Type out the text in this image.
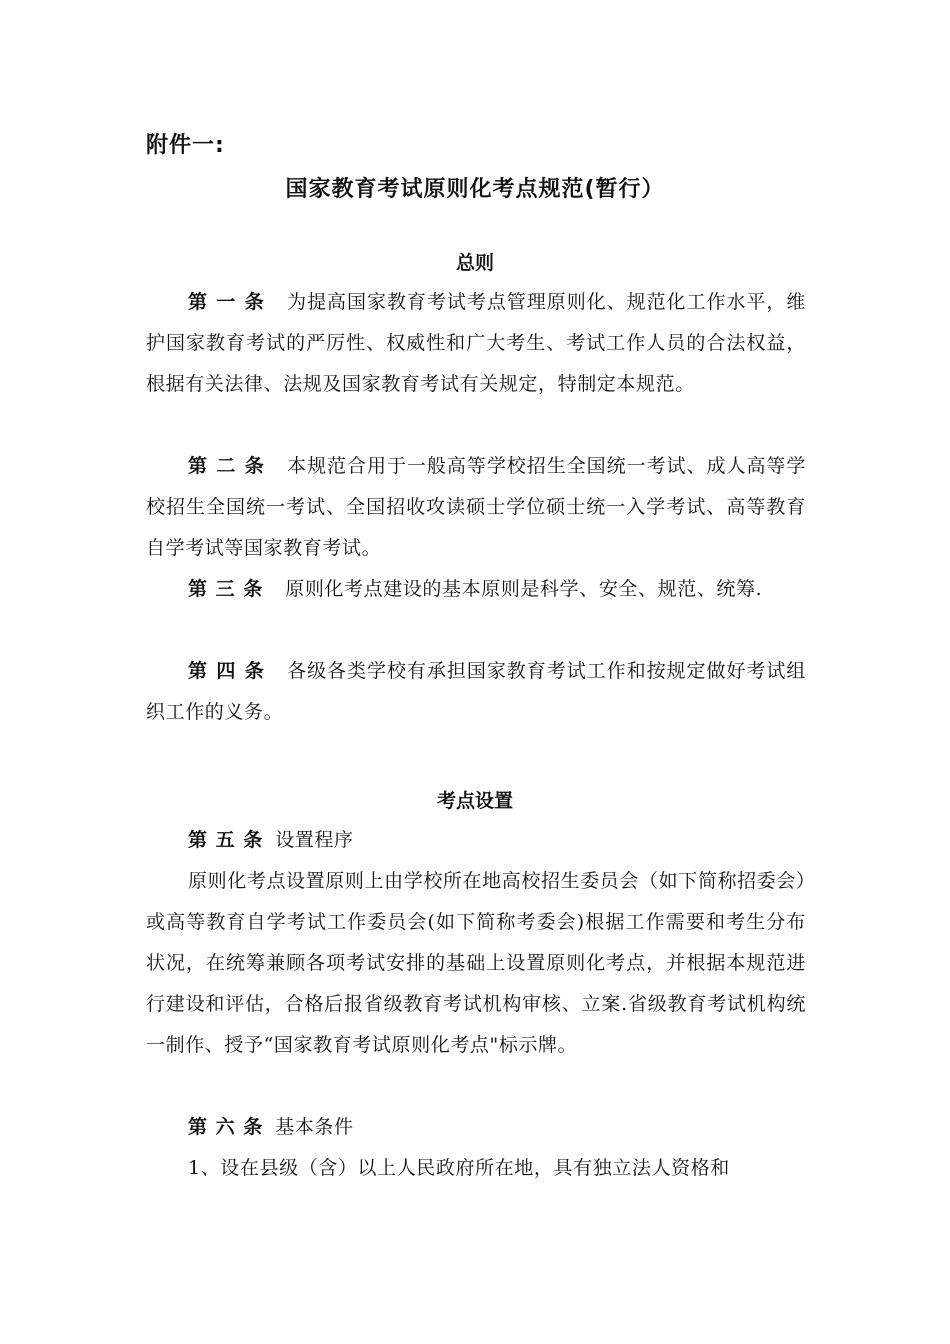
附件一:
国家教育考试原则化考点规范(暂行）
总则

第 一 条 为提高国家教育考试考点管理原则化、规范化工作水平，维护国家教育考试的严厉性、权威性和广大考生、考试工作人员的合法权益，根据有关法律、法规及国家教育考试有关规定，特制定本规范。

第 二 条 本规范合用于一般高等学校招生全国统一考试、成人高等学校招生全国统一考试、全国招收攻读硕士学位硕士统一入学考试、高等教育自学考试等国家教育考试。

第 三 条 原则化考点建设的基本原则是科学、安全、规范、统筹.

第 四 条 各级各类学校有承担国家教育考试工作和按规定做好考试组织工作的义务。

考点设置

第 五 条 设置程序

原则化考点设置原则上由学校所在地高校招生委员会（如下简称招委会）或高等教育自学考试工作委员会(如下简称考委会)根据工作需要和考生分布状况，在统筹兼顾各项考试安排的基础上设置原则化考点，并根据本规范进行建设和评估，合格后报省级教育考试机构审核、立案.省级教育考试机构统一制作、授予“国家教育考试原则化考点"标示牌。

第 六 条 基本条件

1、设在县级（含）以上人民政府所在地，具有独立法人资格和
